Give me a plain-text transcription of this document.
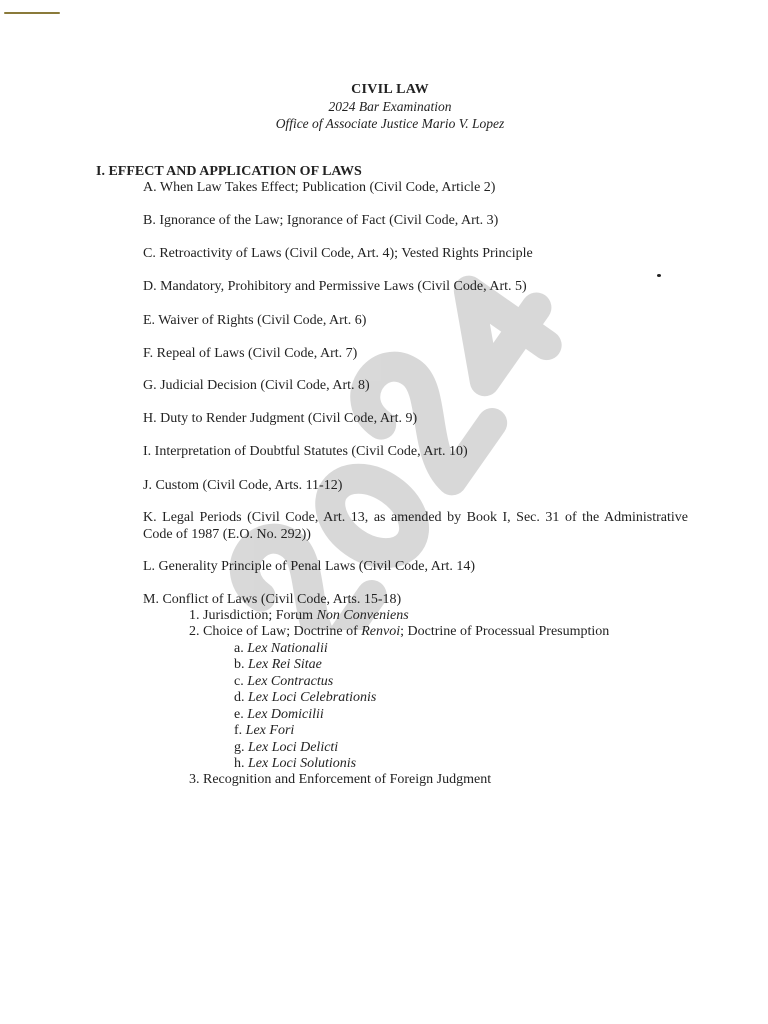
CIVIL LAW
2024 Bar Examination
Office of Associate Justice Mario V. Lopez
I. EFFECT AND APPLICATION OF LAWS
A. When Law Takes Effect; Publication (Civil Code, Article 2)
B. Ignorance of the Law; Ignorance of Fact (Civil Code, Art. 3)
C. Retroactivity of Laws (Civil Code, Art. 4); Vested Rights Principle
D. Mandatory, Prohibitory and Permissive Laws (Civil Code, Art. 5)
E. Waiver of Rights (Civil Code, Art. 6)
F. Repeal of Laws (Civil Code, Art. 7)
G. Judicial Decision (Civil Code, Art. 8)
H. Duty to Render Judgment (Civil Code, Art. 9)
I. Interpretation of Doubtful Statutes (Civil Code, Art. 10)
J. Custom (Civil Code, Arts. 11-12)
K. Legal Periods (Civil Code, Art. 13, as amended by Book I, Sec. 31 of the Administrative Code of 1987 (E.O. No. 292))
L. Generality Principle of Penal Laws (Civil Code, Art. 14)
M. Conflict of Laws (Civil Code, Arts. 15-18)
1. Jurisdiction; Forum Non Conveniens
2. Choice of Law; Doctrine of Renvoi; Doctrine of Processual Presumption
a. Lex Nationalii
b. Lex Rei Sitae
c. Lex Contractus
d. Lex Loci Celebrationis
e. Lex Domicilii
f. Lex Fori
g. Lex Loci Delicti
h. Lex Loci Solutionis
3. Recognition and Enforcement of Foreign Judgment
